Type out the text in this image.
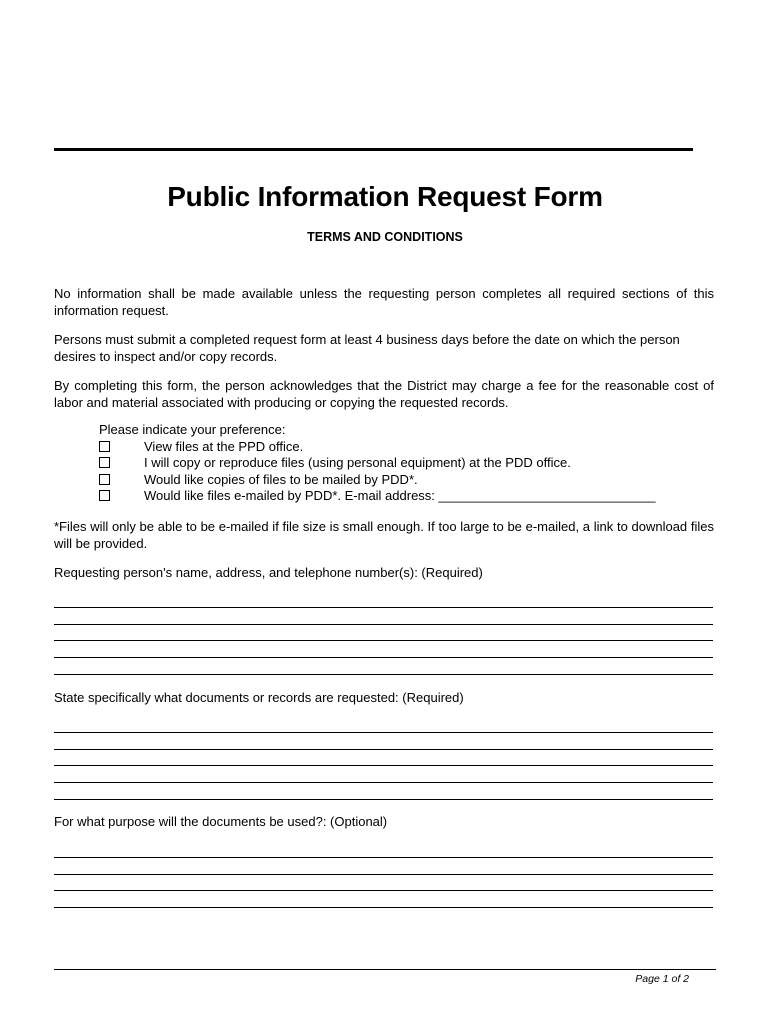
Public Information Request Form
TERMS AND CONDITIONS

No information shall be made available unless the requesting person completes all required sections of this information request.

Persons must submit a completed request form at least 4 business days before the date on which the person desires to inspect and/or copy records.

By completing this form, the person acknowledges that the District may charge a fee for the reasonable cost of labor and material associated with producing or copying the requested records.

Please indicate your preference:
View files at the PPD office.
I will copy or reproduce files (using personal equipment) at the PDD office.
Would like copies of files to be mailed by PDD*.
Would like files e-mailed by PDD*. E-mail address: ______________________________

*Files will only be able to be e-mailed if file size is small enough. If too large to be e-mailed, a link to download files will be provided.

Requesting person's name, address, and telephone number(s): (Required)

State specifically what documents or records are requested: (Required)

For what purpose will the documents be used?: (Optional)

Page 1 of 2
